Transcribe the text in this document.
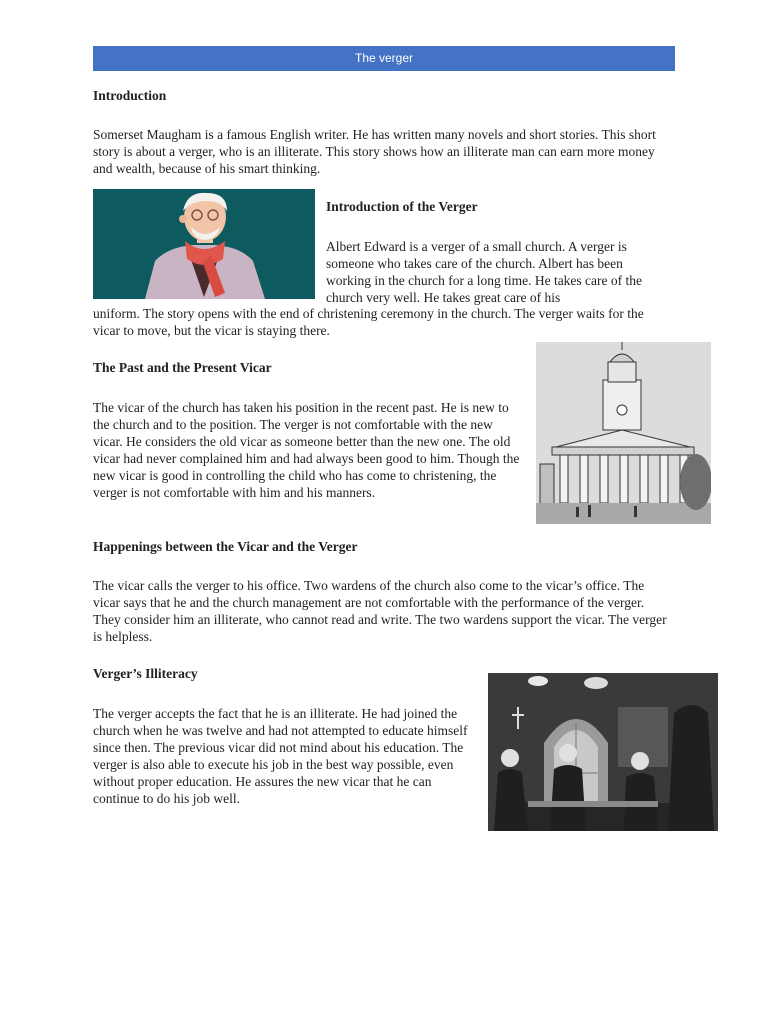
The verger

Introduction

Somerset Maugham is a famous English writer. He has written many novels and short stories. This short story is about a verger, who is an illiterate. This story shows how an illiterate man can earn more money and wealth, because of his smart thinking.

Introduction of the Verger

Albert Edward is a verger of a small church. A verger is someone who takes care of the church. Albert has been working in the church for a long time. He takes care of the church very well. He takes great care of his

uniform. The story opens with the end of christening ceremony in the church. The verger waits for the vicar to move, but the vicar is staying there.

The Past and the Present Vicar

The vicar of the church has taken his position in the recent past. He is new to the church and to the position. The verger is not comfortable with the new vicar. He considers the old vicar as someone better than the new one. The old vicar had never complained him and had always been good to him. Though the new vicar is good in controlling the child who has come to christening, the verger is not comfortable with him and his manners.

Happenings between the Vicar and the Verger

The vicar calls the verger to his office. Two wardens of the church also come to the vicar’s office. The vicar says that he and the church management are not comfortable with the performance of the verger. They consider him an illiterate, who cannot read and write. The two wardens support the vicar. The verger is helpless.

Verger’s Illiteracy

The verger accepts the fact that he is an illiterate. He had joined the church when he was twelve and had not attempted to educate himself since then. The previous vicar did not mind about his education. The verger is also able to execute his job in the best way possible, even without proper education. He assures the new vicar that he can continue to do his job well.
